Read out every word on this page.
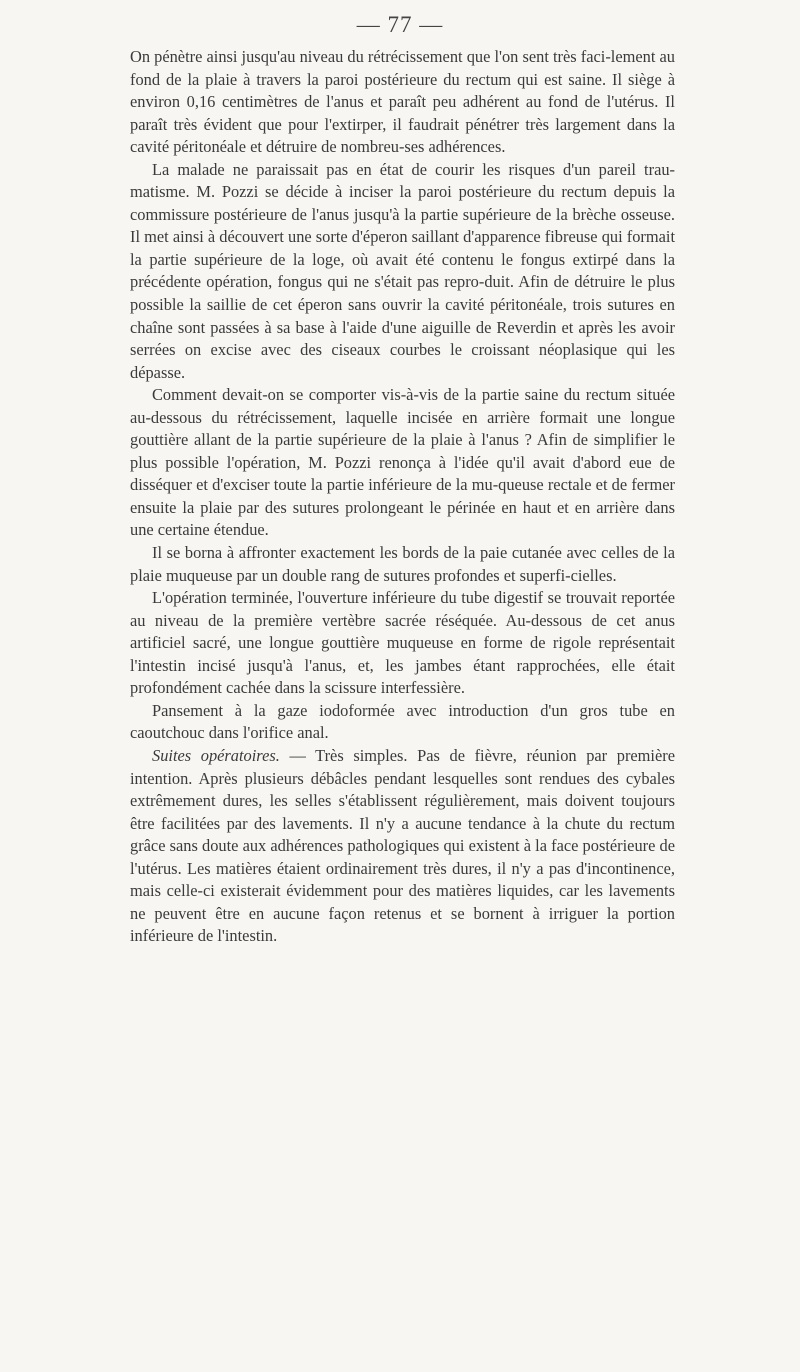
— 77 —

On pénètre ainsi jusqu'au niveau du rétrécissement que l'on sent très faci-lement au fond de la plaie à travers la paroi postérieure du rectum qui est saine. Il siège à environ 0,16 centimètres de l'anus et paraît peu adhérent au fond de l'utérus. Il paraît très évident que pour l'extirper, il faudrait pénétrer très largement dans la cavité péritonéale et détruire de nombreu-ses adhérences.

La malade ne paraissait pas en état de courir les risques d'un pareil trau-matisme. M. Pozzi se décide à inciser la paroi postérieure du rectum depuis la commissure postérieure de l'anus jusqu'à la partie supérieure de la brèche osseuse. Il met ainsi à découvert une sorte d'éperon saillant d'apparence fibreuse qui formait la partie supérieure de la loge, où avait été contenu le fongus extirpé dans la précédente opération, fongus qui ne s'était pas repro-duit. Afin de détruire le plus possible la saillie de cet éperon sans ouvrir la cavité péritonéale, trois sutures en chaîne sont passées à sa base à l'aide d'une aiguille de Reverdin et après les avoir serrées on excise avec des ciseaux courbes le croissant néoplasique qui les dépasse.

Comment devait-on se comporter vis-à-vis de la partie saine du rectum située au-dessous du rétrécissement, laquelle incisée en arrière formait une longue gouttière allant de la partie supérieure de la plaie à l'anus ? Afin de simplifier le plus possible l'opération, M. Pozzi renonça à l'idée qu'il avait d'abord eue de disséquer et d'exciser toute la partie inférieure de la mu-queuse rectale et de fermer ensuite la plaie par des sutures prolongeant le périnée en haut et en arrière dans une certaine étendue.

Il se borna à affronter exactement les bords de la paie cutanée avec celles de la plaie muqueuse par un double rang de sutures profondes et superfi-cielles.

L'opération terminée, l'ouverture inférieure du tube digestif se trouvait reportée au niveau de la première vertèbre sacrée réséquée. Au-dessous de cet anus artificiel sacré, une longue gouttière muqueuse en forme de rigole représentait l'intestin incisé jusqu'à l'anus, et, les jambes étant rapprochées, elle était profondément cachée dans la scissure interfessière.

Pansement à la gaze iodoformée avec introduction d'un gros tube en caoutchouc dans l'orifice anal.

Suites opératoires. — Très simples. Pas de fièvre, réunion par première intention. Après plusieurs débâcles pendant lesquelles sont rendues des cybales extrêmement dures, les selles s'établissent régulièrement, mais doivent toujours être facilitées par des lavements. Il n'y a aucune tendance à la chute du rectum grâce sans doute aux adhérences pathologiques qui existent à la face postérieure de l'utérus. Les matières étaient ordinairement très dures, il n'y a pas d'incontinence, mais celle-ci existerait évidemment pour des matières liquides, car les lavements ne peuvent être en aucune façon retenus et se bornent à irriguer la portion inférieure de l'intestin.
